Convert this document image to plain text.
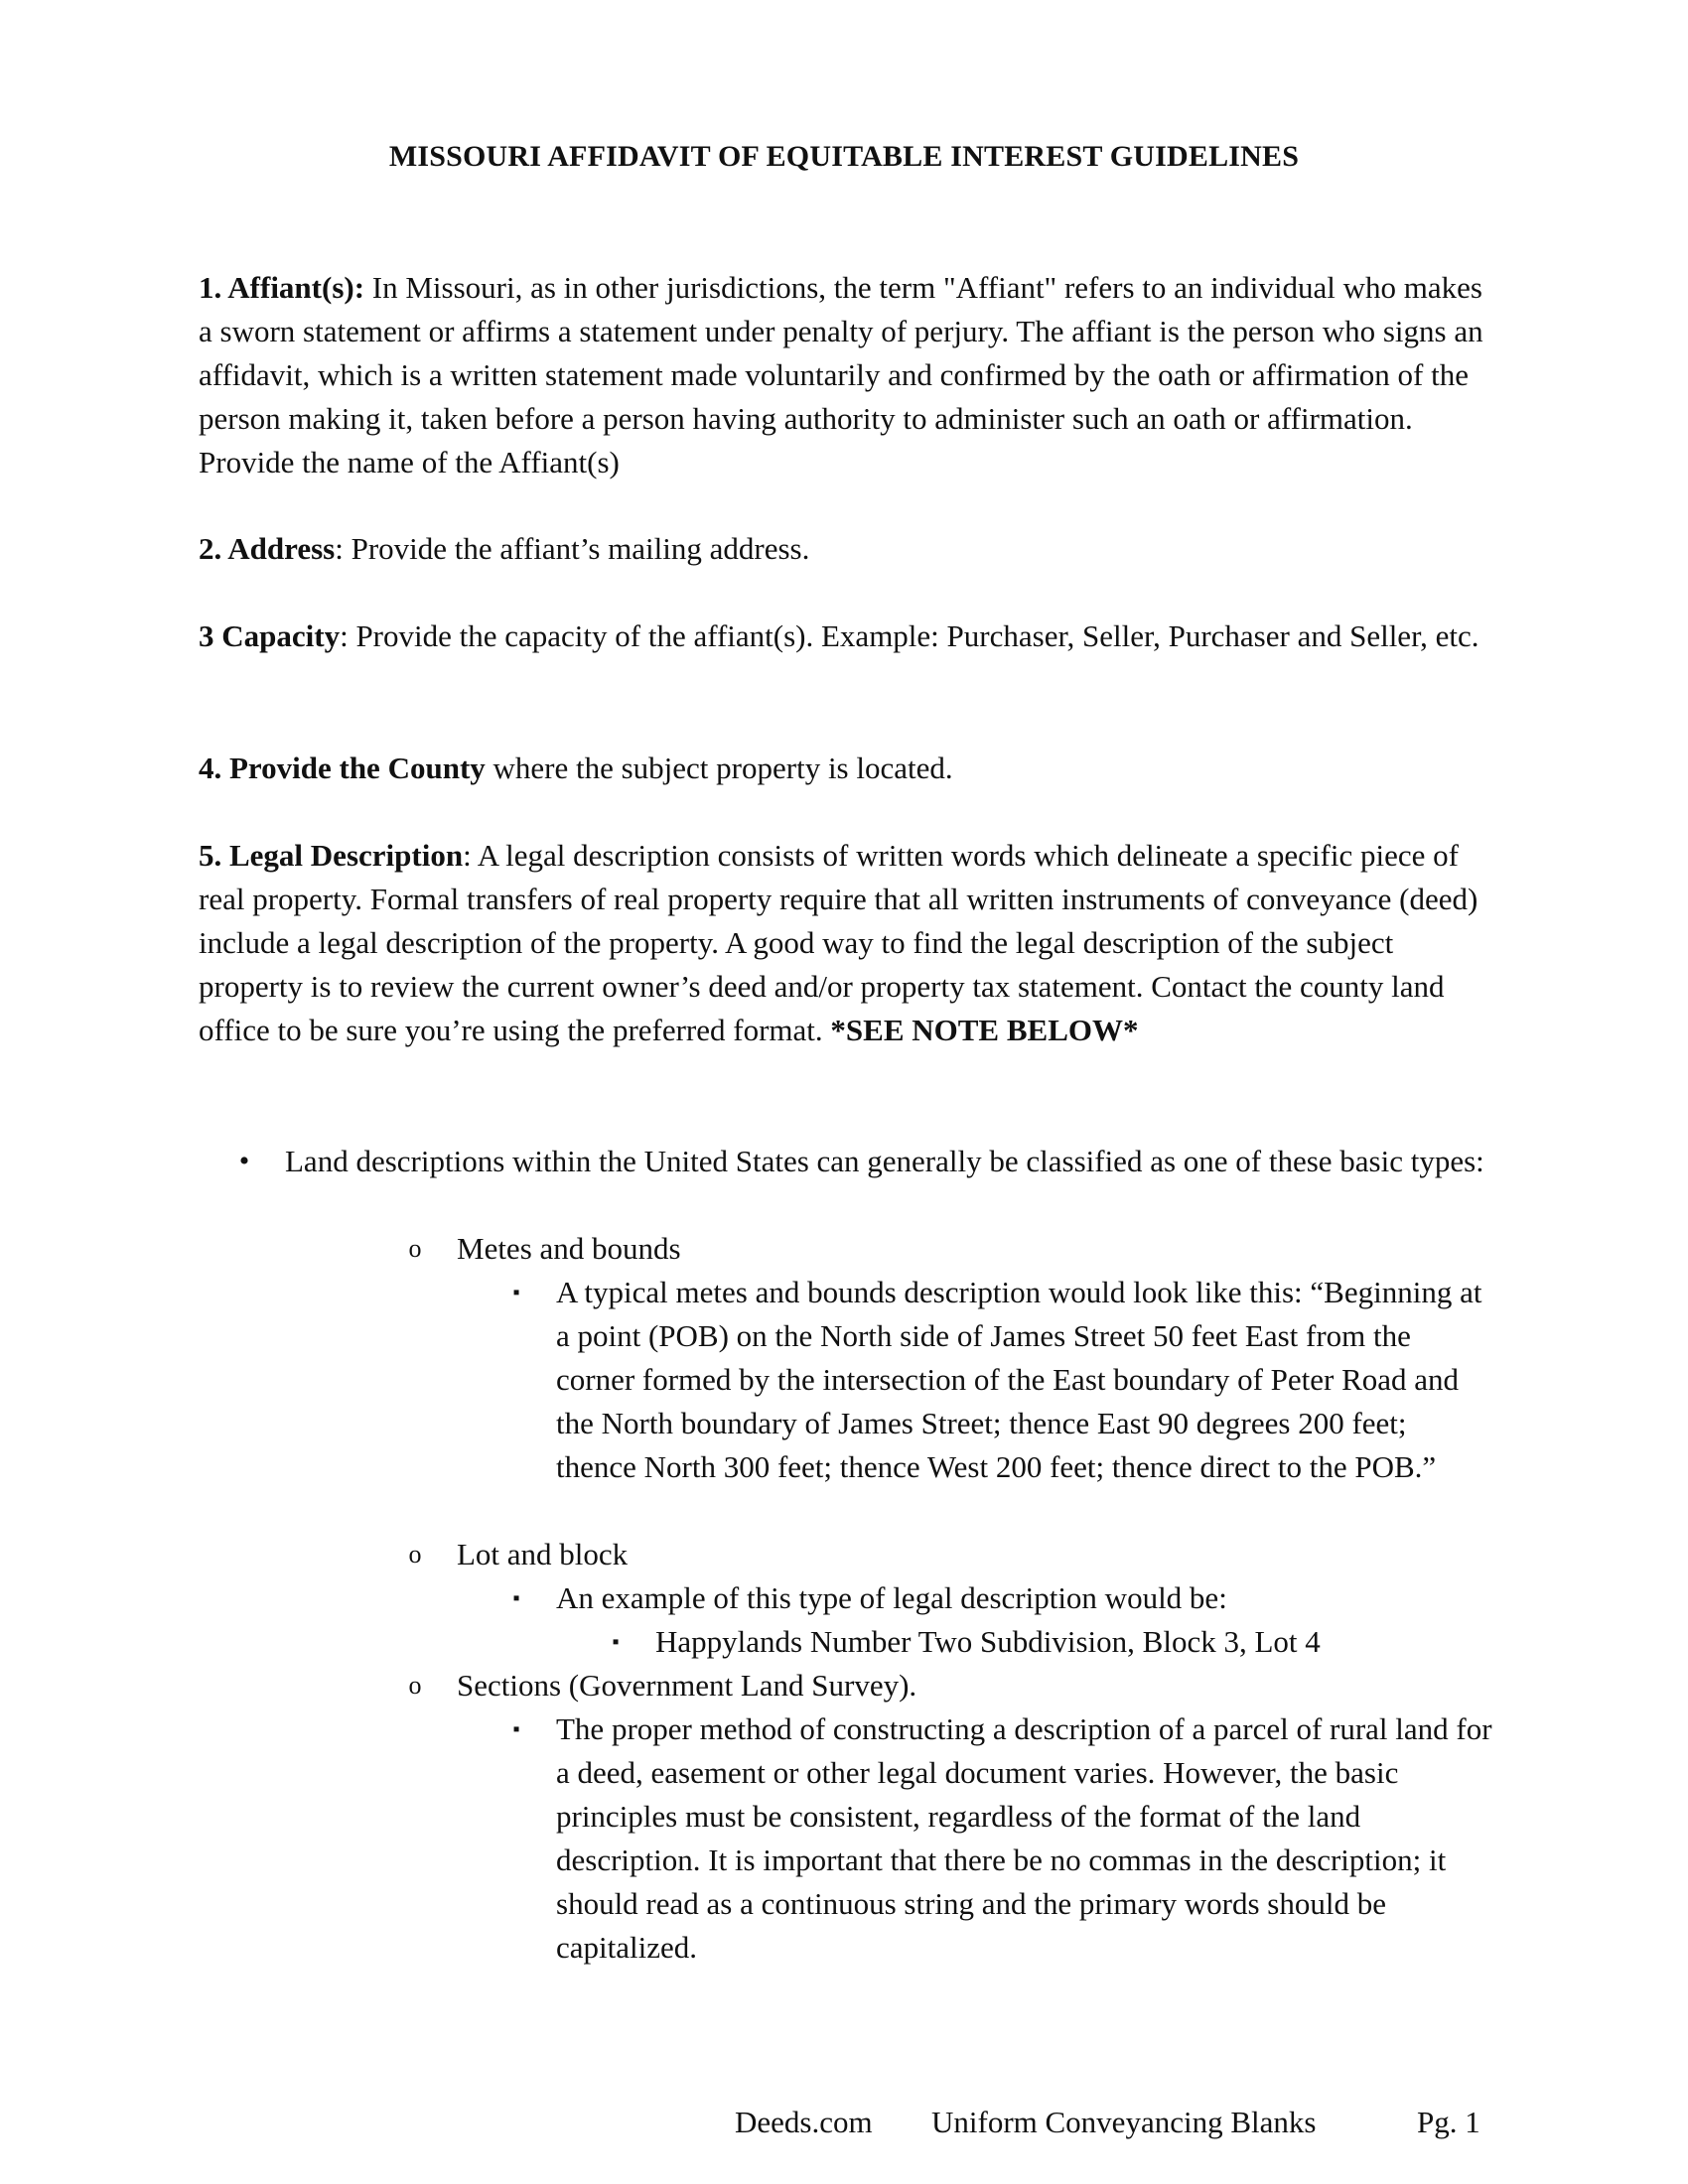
MISSOURI AFFIDAVIT OF EQUITABLE INTEREST GUIDELINES
1. Affiant(s): In Missouri, as in other jurisdictions, the term "Affiant" refers to an individual who makes a sworn statement or affirms a statement under penalty of perjury. The affiant is the person who signs an affidavit, which is a written statement made voluntarily and confirmed by the oath or affirmation of the person making it, taken before a person having authority to administer such an oath or affirmation. Provide the name of the Affiant(s)
2. Address: Provide the affiant’s mailing address.
3 Capacity: Provide the capacity of the affiant(s). Example: Purchaser, Seller, Purchaser and Seller, etc.
4. Provide the County where the subject property is located.
5. Legal Description: A legal description consists of written words which delineate a specific piece of real property. Formal transfers of real property require that all written instruments of conveyance (deed) include a legal description of the property. A good way to find the legal description of the subject property is to review the current owner’s deed and/or property tax statement. Contact the county land office to be sure you’re using the preferred format. *SEE NOTE BELOW*
• Land descriptions within the United States can generally be classified as one of these basic types:
o Metes and bounds
▪ A typical metes and bounds description would look like this: “Beginning at a point (POB) on the North side of James Street 50 feet East from the corner formed by the intersection of the East boundary of Peter Road and the North boundary of James Street; thence East 90 degrees 200 feet; thence North 300 feet; thence West 200 feet; thence direct to the POB.”
o Lot and block
▪ An example of this type of legal description would be:
▪ Happylands Number Two Subdivision, Block 3, Lot 4
o Sections (Government Land Survey).
▪ The proper method of constructing a description of a parcel of rural land for a deed, easement or other legal document varies. However, the basic principles must be consistent, regardless of the format of the land description. It is important that there be no commas in the description; it should read as a continuous string and the primary words should be capitalized.
Deeds.com Uniform Conveyancing Blanks	Pg. 1
